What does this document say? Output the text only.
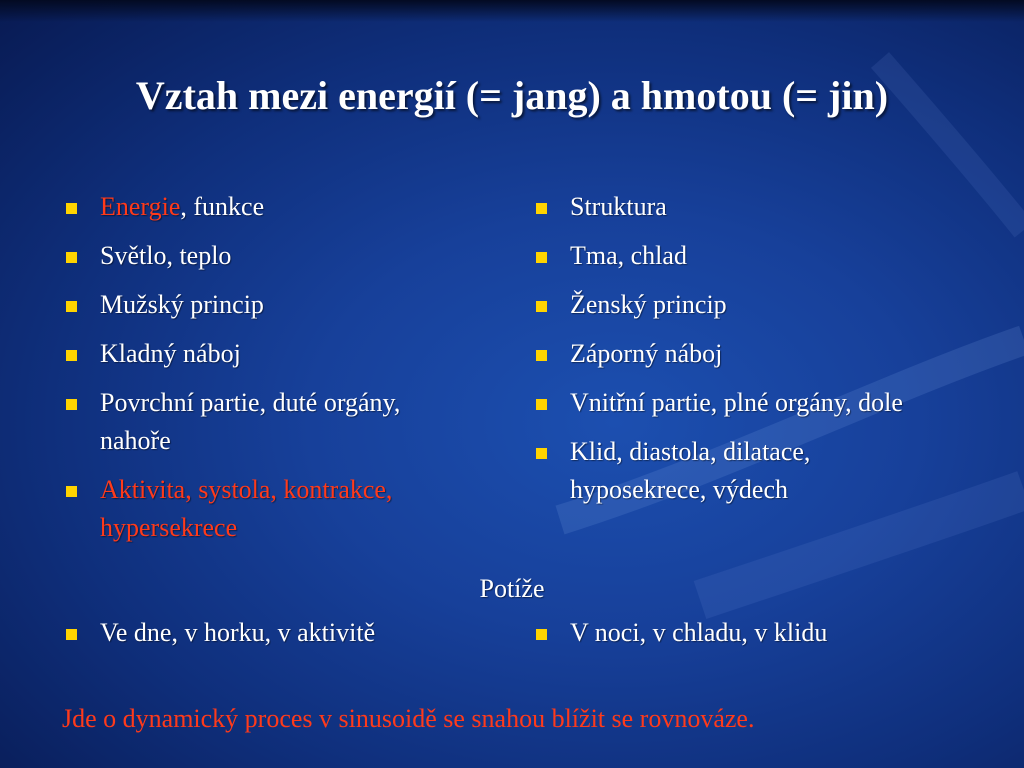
Vztah mezi energií (= jang) a hmotou (= jin)
Energie, funkce
Světlo, teplo
Mužský princip
Kladný náboj
Povrchní partie, duté orgány, nahoře
Aktivita, systola, kontrakce, hypersekrece
Struktura
Tma, chlad
Ženský princip
Záporný náboj
Vnitřní partie, plné orgány, dole
Klid, diastola, dilatace, hyposekrece, výdech
Potíže
Ve dne, v horku, v aktivitě	V noci, v chladu, v klidu
Jde o dynamický proces v sinusoidě se snahou blížit se rovnováze.
